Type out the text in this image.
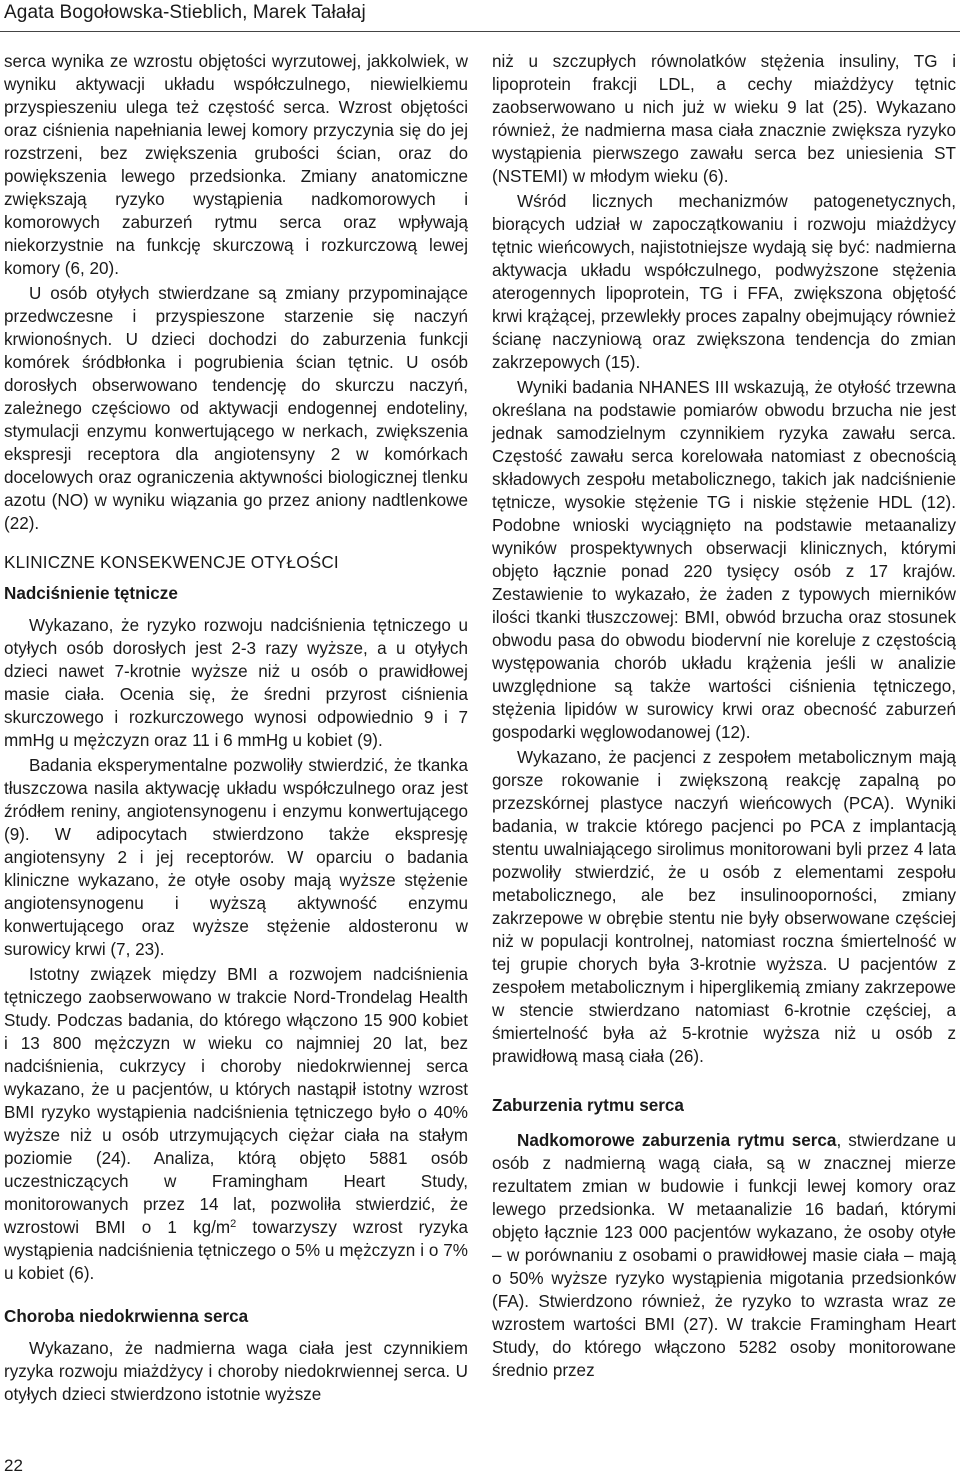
Agata Bogołowska-Stieblich, Marek Tałałaj

serca wynika ze wzrostu objętości wyrzutowej, jakkolwiek, w wyniku aktywacji układu współczulnego, niewielkiemu przyspieszeniu ulega też częstość serca. Wzrost objętości oraz ciśnienia napełniania lewej komory przyczynia się do jej rozstrzeni, bez zwiększenia grubości ścian, oraz do powiększenia lewego przedsionka. Zmiany anatomiczne zwiększają ryzyko wystąpienia nadkomorowych i komorowych zaburzeń rytmu serca oraz wpływają niekorzystnie na funkcję skurczową i rozkurczową lewej komory (6, 20).

U osób otyłych stwierdzane są zmiany przypominające przedwczesne i przyspieszone starzenie się naczyń krwionośnych. U dzieci dochodzi do zaburzenia funkcji komórek śródbłonka i pogrubienia ścian tętnic. U osób dorosłych obserwowano tendencję do skurczu naczyń, zależnego częściowo od aktywacji endogennej endoteliny, stymulacji enzymu konwertującego w nerkach, zwiększenia ekspresji receptora dla angiotensyny 2 w komórkach docelowych oraz ograniczenia aktywności biologicznej tlenku azotu (NO) w wyniku wiązania go przez aniony nadtlenkowe (22).

KLINICZNE KONSEKWENCJE OTYŁOŚCI
Nadciśnienie tętnicze

Wykazano, że ryzyko rozwoju nadciśnienia tętniczego u otyłych osób dorosłych jest 2-3 razy wyższe, a u otyłych dzieci nawet 7-krotnie wyższe niż u osób o prawidłowej masie ciała. Ocenia się, że średni przyrost ciśnienia skurczowego i rozkurczowego wynosi odpowiednio 9 i 7 mmHg u mężczyzn oraz 11 i 6 mmHg u kobiet (9).

Badania eksperymentalne pozwoliły stwierdzić, że tkanka tłuszczowa nasila aktywację układu współczulnego oraz jest źródłem reniny, angiotensynogenu i enzymu konwertującego (9). W adipocytach stwierdzono także ekspresję angiotensyny 2 i jej receptorów. W oparciu o badania kliniczne wykazano, że otyłe osoby mają wyższe stężenie angiotensynogenu i wyższą aktywność enzymu konwertującego oraz wyższe stężenie aldosteronu w surowicy krwi (7, 23).

Istotny związek między BMI a rozwojem nadciśnienia tętniczego zaobserwowano w trakcie Nord-Trondelag Health Study. Podczas badania, do którego włączono 15 900 kobiet i 13 800 mężczyzn w wieku co najmniej 20 lat, bez nadciśnienia, cukrzycy i choroby niedokrwiennej serca wykazano, że u pacjentów, u których nastąpił istotny wzrost BMI ryzyko wystąpienia nadciśnienia tętniczego było o 40% wyższe niż u osób utrzymujących ciężar ciała na stałym poziomie (24). Analiza, którą objęto 5881 osób uczestniczących w Framingham Heart Study, monitorowanych przez 14 lat, pozwoliła stwierdzić, że wzrostowi BMI o 1 $kg/m^2$ towarzyszy wzrost ryzyka wystąpienia nadciśnienia tętniczego o 5% u mężczyzn i o 7% u kobiet (6).

Choroba niedokrwienna serca

Wykazano, że nadmierna waga ciała jest czynnikiem ryzyka rozwoju miażdżycy i choroby niedokrwiennej serca. U otyłych dzieci stwierdzono istotnie wyższe

niż u szczupłych równolatków stężenia insuliny, TG i lipoprotein frakcji LDL, a cechy miażdżycy tętnic zaobserwowano u nich już w wieku 9 lat (25). Wykazano również, że nadmierna masa ciała znacznie zwiększa ryzyko wystąpienia pierwszego zawału serca bez uniesienia ST (NSTEMI) w młodym wieku (6).

Wśród licznych mechanizmów patogenetycznych, biorących udział w zapoczątkowaniu i rozwoju miażdżycy tętnic wieńcowych, najistotniejsze wydają się być: nadmierna aktywacja układu współczulnego, podwyższone stężenia aterogennych lipoprotein, TG i FFA, zwiększona objętość krwi krążącej, przewlekły proces zapalny obejmujący również ścianę naczyniową oraz zwiększona tendencja do zmian zakrzepowych (15).

Wyniki badania NHANES III wskazują, że otyłość trzewna określana na podstawie pomiarów obwodu brzucha nie jest jednak samodzielnym czynnikiem ryzyka zawału serca. Częstość zawału serca korelowała natomiast z obecnością składowych zespołu metabolicznego, takich jak nadciśnienie tętnicze, wysokie stężenie TG i niskie stężenie HDL (12). Podobne wnioski wyciągnięto na podstawie metaanalizy wyników prospektywnych obserwacji klinicznych, którymi objęto łącznie ponad 220 tysięcy osób z 17 krajów. Zestawienie to wykazało, że żaden z typowych mierników ilości tkanki tłuszczowej: BMI, obwód brzucha oraz stosunek obwodu pasa do obwodu biodervní nie koreluje z częstością występowania chorób układu krążenia jeśli w analizie uwzględnione są także wartości ciśnienia tętniczego, stężenia lipidów w surowicy krwi oraz obecność zaburzeń gospodarki węglowodanowej (12).

Wykazano, że pacjenci z zespołem metabolicznym mają gorsze rokowanie i zwiększoną reakcję zapalną po przezskórnej plastyce naczyń wieńcowych (PCA). Wyniki badania, w trakcie którego pacjenci po PCA z implantacją stentu uwalniającego sirolimus monitorowani byli przez 4 lata pozwoliły stwierdzić, że u osób z elementami zespołu metabolicznego, ale bez insulinooporności, zmiany zakrzepowe w obrębie stentu nie były obserwowane częściej niż w populacji kontrolnej, natomiast roczna śmiertelność w tej grupie chorych była 3-krotnie wyższa. U pacjentów z zespołem metabolicznym i hiperglikemią zmiany zakrzepowe w stencie stwierdzano natomiast 6-krotnie częściej, a śmiertelność była aż 5-krotnie wyższa niż u osób z prawidłową masą ciała (26).

Zaburzenia rytmu serca

Nadkomorowe zaburzenia rytmu serca, stwierdzane u osób z nadmierną wagą ciała, są w znacznej mierze rezultatem zmian w budowie i funkcji lewej komory oraz lewego przedsionka. W metaanalizie 16 badań, którymi objęto łącznie 123 000 pacjentów wykazano, że osoby otyłe – w porównaniu z osobami o prawidłowej masie ciała – mają o 50% wyższe ryzyko wystąpienia migotania przedsionków (FA). Stwierdzono również, że ryzyko to wzrasta wraz ze wzrostem wartości BMI (27). W trakcie Framingham Heart Study, do którego włączono 5282 osoby monitorowane średnio przez

22
